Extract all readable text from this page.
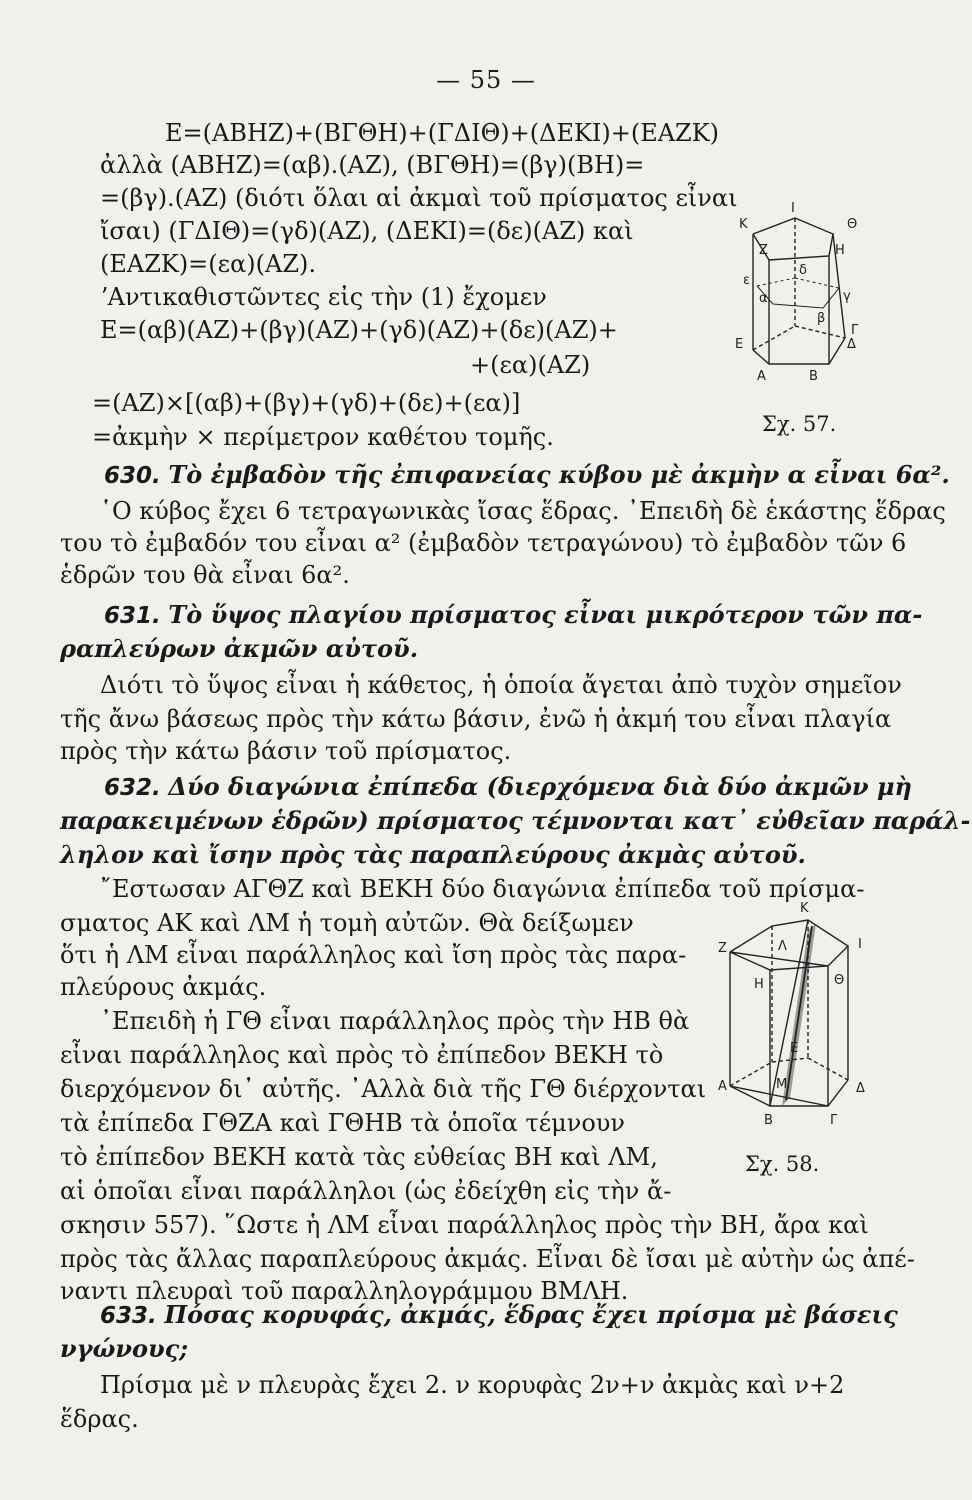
— 55 —
E=(ΑΒΗΖ)+(ΒΓΘΗ)+(ΓΔΙΘ)+(ΔΕΚΙ)+(ΕΑΖΚ)
ἀλλὰ (ΑΒΗΖ)=(αβ).(ΑΖ), (ΒΓΘΗ)=(βγ)(ΒΗ)=
=(βγ).(ΑΖ) (διότι ὅλαι αἱ ἀκμαὶ τοῦ πρίσματος εἶναι
ἴσαι) (ΓΔΙΘ)=(γδ)(ΑΖ), (ΔΕΚΙ)=(δε)(ΑΖ) καὶ
(ΕΑΖΚ)=(εα)(ΑΖ).
ʼΑντικαθιστῶντες εἰς τὴν (1) ἔχομεν
E=(αβ)(ΑΖ)+(βγ)(ΑΖ)+(γδ)(ΑΖ)+(δε)(ΑΖ)+
+(εα)(ΑΖ)
=(ΑΖ)×[(αβ)+(βγ)+(γδ)+(δε)+(εα)]
=ἀκμὴν × περίμετρον καθέτου τομῆς.
Κ
Ι
Θ
Ζ	Η
Ε	Δ
Γ
Α	Β
ε
α
δ
β
γ
Σχ. 57.
630. Τὸ ἐμβαδὸν τῆς ἐπιφανείας κύβου μὲ ἀκμὴν α εἶναι 6α².
῾Ο κύβος ἔχει 6 τετραγωνικὰς ἴσας ἕδρας. ᾿Επειδὴ δὲ ἑκάστης ἕδρας
του τὸ ἐμβαδόν του εἶναι α² (ἐμβαδὸν τετραγώνου) τὸ ἐμβαδὸν τῶν 6
ἑδρῶν του θὰ εἶναι 6α².
631. Τὸ ὕψος πλαγίου πρίσματος εἶναι μικρότερον τῶν πα-
ραπλεύρων ἀκμῶν αὐτοῦ.
Διότι τὸ ὕψος εἶναι ἡ κάθετος, ἡ ὁποία ἄγεται ἀπὸ τυχὸν σημεῖον
τῆς ἄνω βάσεως πρὸς τὴν κάτω βάσιν, ἐνῶ ἡ ἀκμή του εἶναι πλαγία
πρὸς τὴν κάτω βάσιν τοῦ πρίσματος.
632. Δύο διαγώνια ἐπίπεδα (διερχόμενα διὰ δύο ἀκμῶν μὴ
παρακειμένων ἑδρῶν) πρίσματος τέμνονται κατ᾿ εὐθεῖαν παράλ-
ληλον καὶ ἴσην πρὸς τὰς παραπλεύρους ἀκμὰς αὐτοῦ.
῎Εστωσαν ΑΓΘΖ καὶ ΒΕΚΗ δύο διαγώνια ἐπίπεδα τοῦ πρίσμα-
σματος ΑΚ καὶ ΛΜ ἡ τομὴ αὐτῶν. Θὰ δείξωμεν
ὅτι ἡ ΛΜ εἶναι παράλληλος καὶ ἴση πρὸς τὰς παρα-
πλεύρους ἀκμάς.
᾿Επειδὴ ἡ ΓΘ εἶναι παράλληλος πρὸς τὴν ΗΒ θὰ
εἶναι παράλληλος καὶ πρὸς τὸ ἐπίπεδον ΒΕΚΗ τὸ
διερχόμενον δι᾿ αὐτῆς. ᾿Αλλὰ διὰ τῆς ΓΘ διέρχονται
τὰ ἐπίπεδα ΓΘΖΑ καὶ ΓΘΗΒ τὰ ὁποῖα τέμνουν
τὸ ἐπίπεδον ΒΕΚΗ κατὰ τὰς εὐθείας ΒΗ καὶ ΛΜ,
αἱ ὁποῖαι εἶναι παράλληλοι (ὡς ἐδείχθη εἰς τὴν ἄ-
σκησιν 557). ῞Ωστε ἡ ΛΜ εἶναι παράλληλος πρὸς τὴν ΒΗ, ἄρα καὶ
πρὸς τὰς ἄλλας παραπλεύρους ἀκμάς. Εἶναι δὲ ἴσαι μὲ αὐτὴν ὡς ἀπέ-
ναντι πλευραὶ τοῦ παραλληλογράμμου ΒΜΛΗ.
Κ
Ζ	Λ	Ι
Η	Θ
Ε
Α	Μ	Δ
Β	Γ
Σχ. 58.
633. Πόσας κορυφάς, ἀκμάς, ἕδρας ἔχει πρίσμα μὲ βάσεις
νγώνους;
Πρίσμα μὲ ν πλευρὰς ἔχει 2. ν κορυφὰς 2ν+ν ἀκμὰς καὶ ν+2
ἕδρας.
